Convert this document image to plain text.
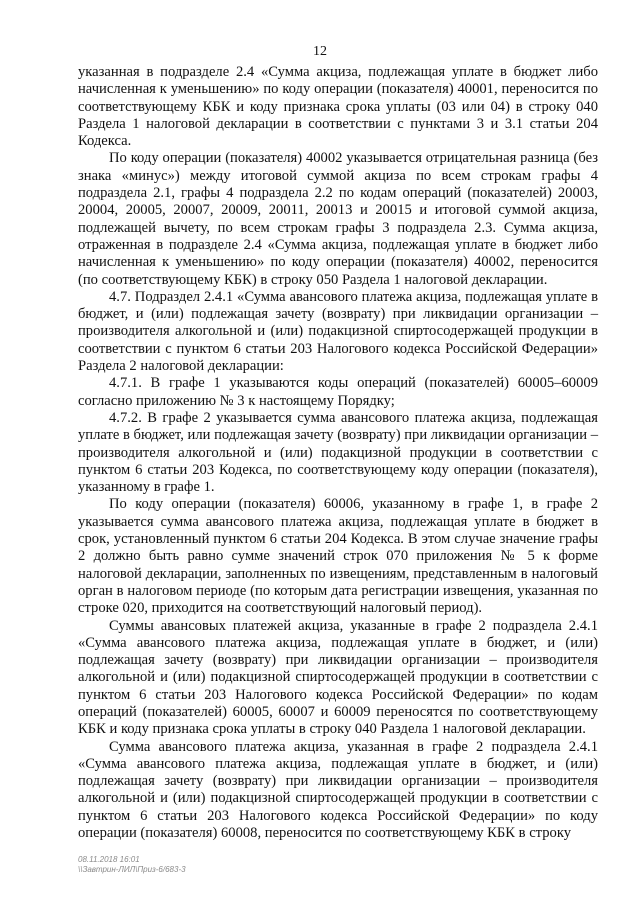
12

указанная в подразделе 2.4 «Сумма акциза, подлежащая уплате в бюджет либо начисленная к уменьшению» по коду операции (показателя) 40001, переносится по соответствующему КБК и коду признака срока уплаты (03 или 04) в строку 040 Раздела 1 налоговой декларации в соответствии с пунктами 3 и 3.1 статьи 204 Кодекса.

По коду операции (показателя) 40002 указывается отрицательная разница (без знака «минус») между итоговой суммой акциза по всем строкам графы 4 подраздела 2.1, графы 4 подраздела 2.2 по кодам операций (показателей) 20003, 20004, 20005, 20007, 20009, 20011, 20013 и 20015 и итоговой суммой акциза, подлежащей вычету, по всем строкам графы 3 подраздела 2.3. Сумма акциза, отраженная в подразделе 2.4 «Сумма акциза, подлежащая уплате в бюджет либо начисленная к уменьшению» по коду операции (показателя) 40002, переносится (по соответствующему КБК) в строку 050 Раздела 1 налоговой декларации.

4.7. Подраздел 2.4.1 «Сумма авансового платежа акциза, подлежащая уплате в бюджет, и (или) подлежащая зачету (возврату) при ликвидации организации – производителя алкогольной и (или) подакцизной спиртосодержащей продукции в соответствии с пунктом 6 статьи 203 Налогового кодекса Российской Федерации» Раздела 2 налоговой декларации:

4.7.1. В графе 1 указываются коды операций (показателей) 60005–60009 согласно приложению № 3 к настоящему Порядку;

4.7.2. В графе 2 указывается сумма авансового платежа акциза, подлежащая уплате в бюджет, или подлежащая зачету (возврату) при ликвидации организации – производителя алкогольной и (или) подакцизной продукции в соответствии с пунктом 6 статьи 203 Кодекса, по соответствующему коду операции (показателя), указанному в графе 1.

По коду операции (показателя) 60006, указанному в графе 1, в графе 2 указывается сумма авансового платежа акциза, подлежащая уплате в бюджет в срок, установленный пунктом 6 статьи 204 Кодекса. В этом случае значение графы 2 должно быть равно сумме значений строк 070 приложения № 5 к форме налоговой декларации, заполненных по извещениям, представленным в налоговый орган в налоговом периоде (по которым дата регистрации извещения, указанная по строке 020, приходится на соответствующий налоговый период).

Суммы авансовых платежей акциза, указанные в графе 2 подраздела 2.4.1 «Сумма авансового платежа акциза, подлежащая уплате в бюджет, и (или) подлежащая зачету (возврату) при ликвидации организации – производителя алкогольной и (или) подакцизной спиртосодержащей продукции в соответствии с пунктом 6 статьи 203 Налогового кодекса Российской Федерации» по кодам операций (показателей) 60005, 60007 и 60009 переносятся по соответствующему КБК и коду признака срока уплаты в строку 040 Раздела 1 налоговой декларации.

Сумма авансового платежа акциза, указанная в графе 2 подраздела 2.4.1 «Сумма авансового платежа акциза, подлежащая уплате в бюджет, и (или) подлежащая зачету (возврату) при ликвидации организации – производителя алкогольной и (или) подакцизной спиртосодержащей продукции в соответствии с пунктом 6 статьи 203 Налогового кодекса Российской Федерации» по коду операции (показателя) 60008, переносится по соответствующему КБК в строку

08.11.2018 16:01
\\Завтрин-ЛИЛ\Приз-6/683-3
